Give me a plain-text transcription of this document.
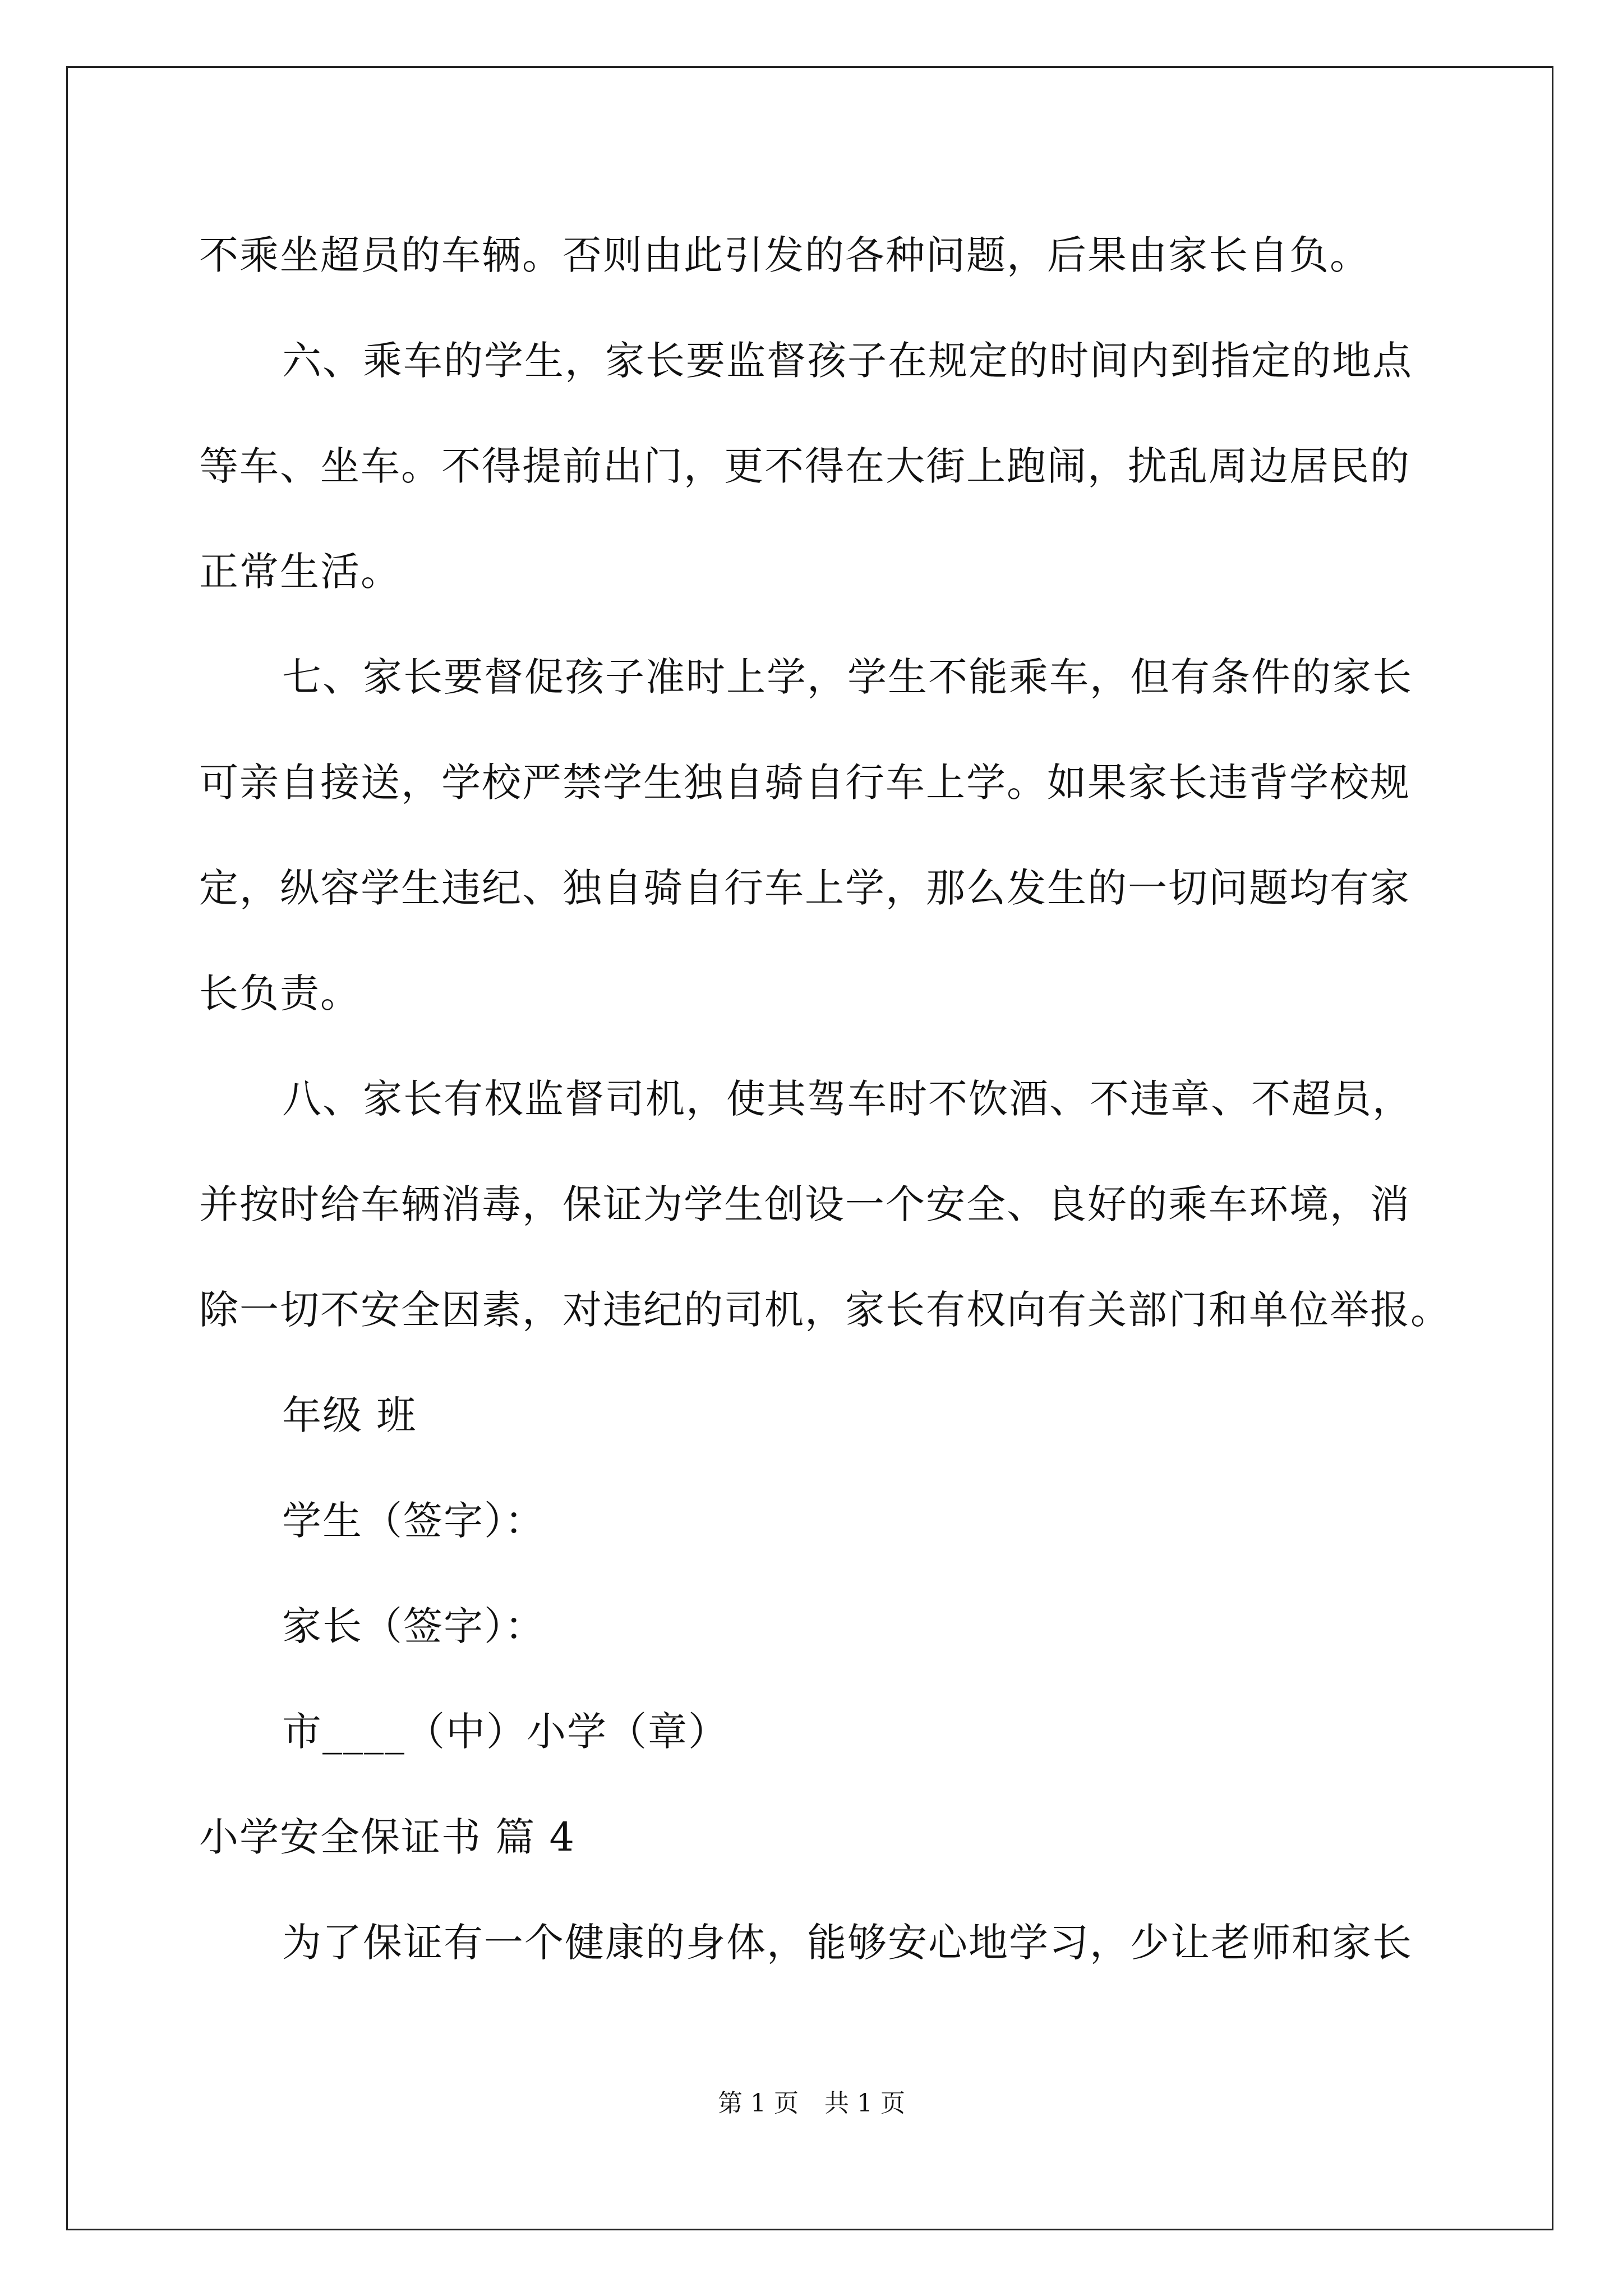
不乘坐超员的车辆。否则由此引发的各种问题，后果由家长自负。
六、乘车的学生，家长要监督孩子在规定的时间内到指定的地点
等车、坐车。不得提前出门，更不得在大街上跑闹，扰乱周边居民的
正常生活。
七、家长要督促孩子准时上学，学生不能乘车，但有条件的家长
可亲自接送，学校严禁学生独自骑自行车上学。如果家长违背学校规
定，纵容学生违纪、独自骑自行车上学，那么发生的一切问题均有家
长负责。
八、家长有权监督司机，使其驾车时不饮酒、不违章、不超员，
并按时给车辆消毒，保证为学生创设一个安全、良好的乘车环境，消
除一切不安全因素，对违纪的司机，家长有权向有关部门和单位举报。
年级 班
学生（签字）：
家长（签字）：
市____（中）小学（章）
小学安全保证书 篇 4
为了保证有一个健康的身体，能够安心地学习，少让老师和家长
第 1 页 共 1 页
